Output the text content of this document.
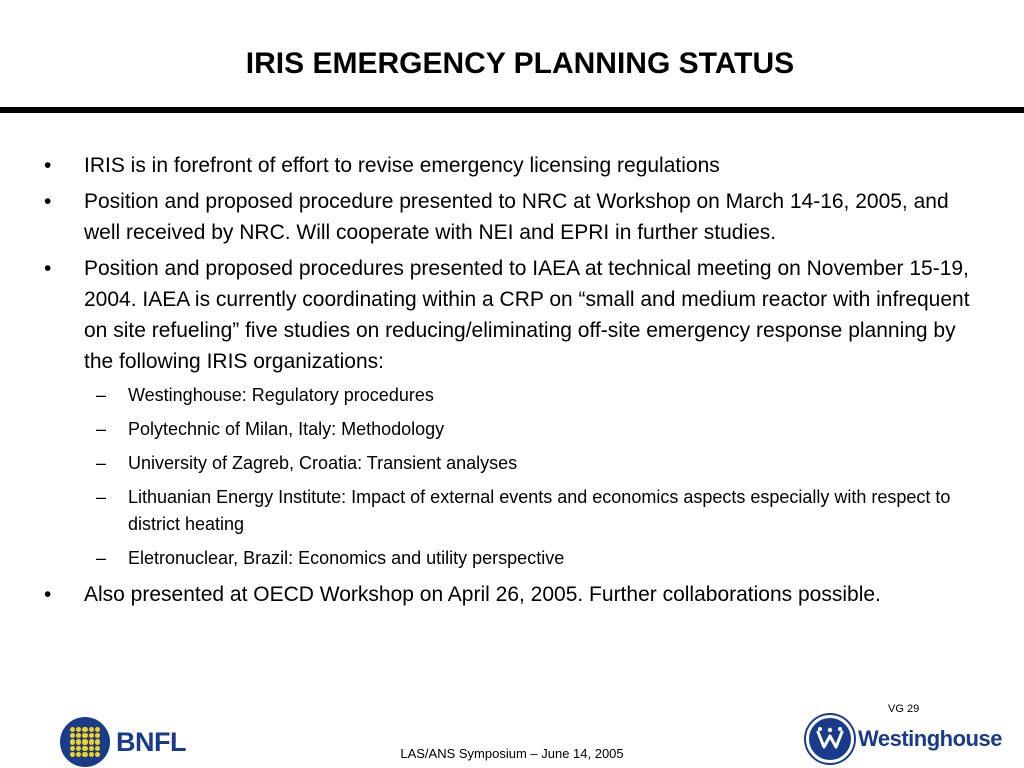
IRIS EMERGENCY PLANNING STATUS
• IRIS is in forefront of effort to revise emergency licensing regulations
• Position and proposed procedure presented to NRC at Workshop on March 14-16, 2005, and well received by NRC. Will cooperate with NEI and EPRI in further studies.
• Position and proposed procedures presented to IAEA at technical meeting on November 15-19, 2004. IAEA is currently coordinating within a CRP on “small and medium reactor with infrequent on site refueling” five studies on reducing/eliminating off-site emergency response planning by the following IRIS organizations:
– Westinghouse: Regulatory procedures
– Polytechnic of Milan, Italy: Methodology
– University of Zagreb, Croatia: Transient analyses
– Lithuanian Energy Institute: Impact of external events and economics aspects especially with respect to district heating
– Eletronuclear, Brazil: Economics and utility perspective
• Also presented at OECD Workshop on April 26, 2005. Further collaborations possible.
VG 29
LAS/ANS Symposium – June 14, 2005
BNFL	Westinghouse
